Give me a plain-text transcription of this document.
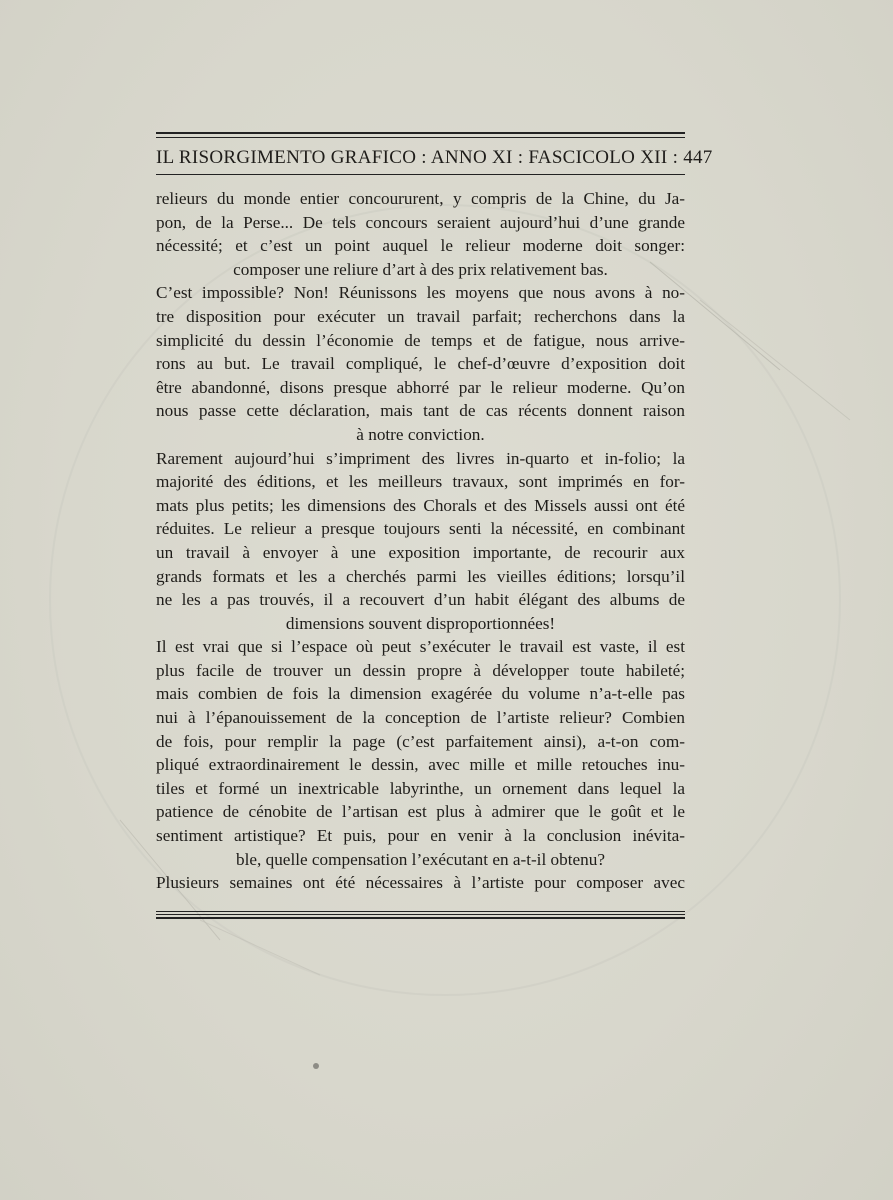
IL RISORGIMENTO GRAFICO : ANNO XI : FASCICOLO XII : 447
relieurs du monde entier concoururent, y compris de la Chine, du Ja-
pon, de la Perse... De tels concours seraient aujourd’hui d’une grande
nécessité; et c’est un point auquel le relieur moderne doit songer:
composer une reliure d’art à des prix relativement bas.
C’est impossible? Non! Réunissons les moyens que nous avons à no-
tre disposition pour exécuter un travail parfait; recherchons dans la
simplicité du dessin l’économie de temps et de fatigue, nous arrive-
rons au but. Le travail compliqué, le chef-d’œuvre d’exposition doit
être abandonné, disons presque abhorré par le relieur moderne. Qu’on
nous passe cette déclaration, mais tant de cas récents donnent raison
à notre conviction.
Rarement aujourd’hui s’impriment des livres in-quarto et in-folio; la
majorité des éditions, et les meilleurs travaux, sont imprimés en for-
mats plus petits; les dimensions des Chorals et des Missels aussi ont été
réduites. Le relieur a presque toujours senti la nécessité, en combinant
un travail à envoyer à une exposition importante, de recourir aux
grands formats et les a cherchés parmi les vieilles éditions; lorsqu’il
ne les a pas trouvés, il a recouvert d’un habit élégant des albums de
dimensions souvent disproportionnées!
Il est vrai que si l’espace où peut s’exécuter le travail est vaste, il est
plus facile de trouver un dessin propre à développer toute habileté;
mais combien de fois la dimension exagérée du volume n’a-t-elle pas
nui à l’épanouissement de la conception de l’artiste relieur? Combien
de fois, pour remplir la page (c’est parfaitement ainsi), a-t-on com-
pliqué extraordinairement le dessin, avec mille et mille retouches inu-
tiles et formé un inextricable labyrinthe, un ornement dans lequel la
patience de cénobite de l’artisan est plus à admirer que le goût et le
sentiment artistique? Et puis, pour en venir à la conclusion inévita-
ble, quelle compensation l’exécutant en a-t-il obtenu?
Plusieurs semaines ont été nécessaires à l’artiste pour composer avec
